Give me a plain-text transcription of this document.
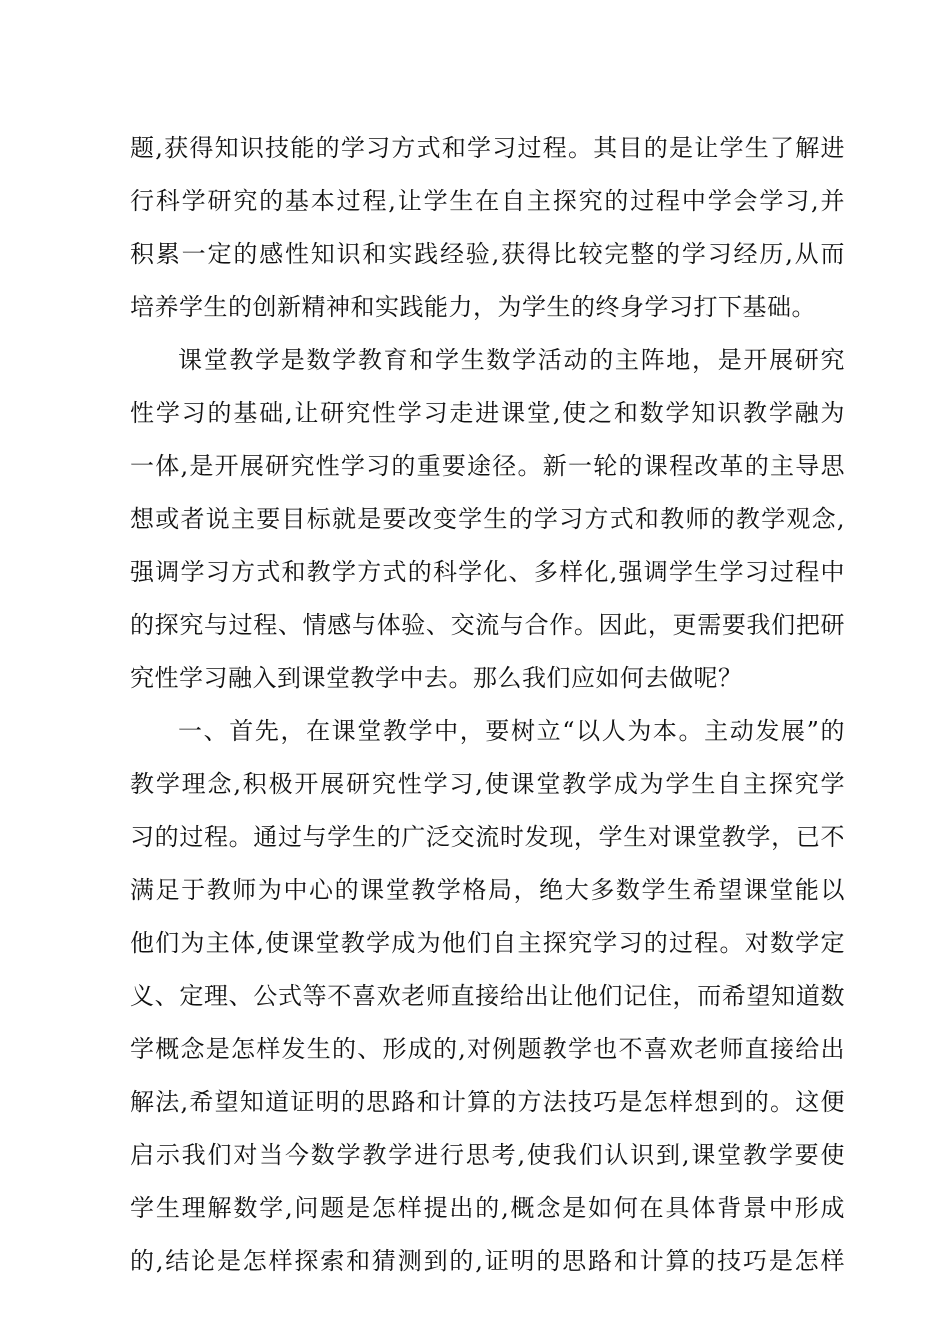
题,获得知识技能的学习方式和学习过程。其目的是让学生了解进
行科学研究的基本过程,让学生在自主探究的过程中学会学习,并
积累一定的感性知识和实践经验,获得比较完整的学习经历,从而
培养学生的创新精神和实践能力，为学生的终身学习打下基础。
课堂教学是数学教育和学生数学活动的主阵地，是开展研究
性学习的基础,让研究性学习走进课堂,使之和数学知识教学融为
一体,是开展研究性学习的重要途径。新一轮的课程改革的主导思
想或者说主要目标就是要改变学生的学习方式和教师的教学观念,
强调学习方式和教学方式的科学化、多样化,强调学生学习过程中
的探究与过程、情感与体验、交流与合作。因此，更需要我们把研
究性学习融入到课堂教学中去。那么我们应如何去做呢？
一、首先，在课堂教学中，要树立“以人为本。主动发展”的
教学理念,积极开展研究性学习,使课堂教学成为学生自主探究学
习的过程。通过与学生的广泛交流时发现，学生对课堂教学，已不
满足于教师为中心的课堂教学格局，绝大多数学生希望课堂能以
他们为主体,使课堂教学成为他们自主探究学习的过程。对数学定
义、定理、公式等不喜欢老师直接给出让他们记住，而希望知道数
学概念是怎样发生的、形成的,对例题教学也不喜欢老师直接给出
解法,希望知道证明的思路和计算的方法技巧是怎样想到的。这便
启示我们对当今数学教学进行思考,使我们认识到,课堂教学要使
学生理解数学,问题是怎样提出的,概念是如何在具体背景中形成
的,结论是怎样探索和猜测到的,证明的思路和计算的技巧是怎样
